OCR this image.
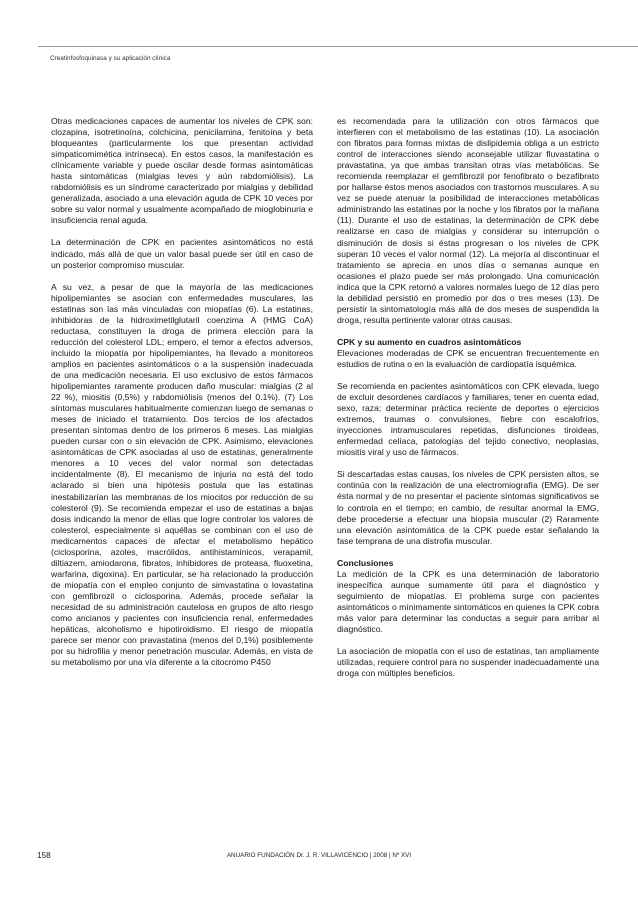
Creatinfosfoquinasa y su aplicación clínica

Otras medicaciones capaces de aumentar los niveles de CPK son: clozapina, isotretinoína, colchicina, penicilamina, fenitoína y beta bloqueantes (particularmente los que presentan actividad simpaticomimética intrínseca). En estos casos, la manifestación es clínicamente variable y puede oscilar desde formas asintomáticas hasta sintomáticas (mialgias leves y aún rabdomiólisis). La rabdomiólisis es un síndrome caracterizado por mialgias y debilidad generalizada, asociado a una elevación aguda de CPK 10 veces por sobre su valor normal y usualmente acompañado de mioglobinuria e insuficiencia renal aguda.

La determinación de CPK en pacientes asintomáticos no está indicado, más allá de que un valor basal puede ser útil en caso de un posterior compromiso muscular.

A su vez, a pesar de que la mayoría de las medicaciones hipolipemiantes se asocian con enfermedades musculares, las estatinas son las más vinculadas con miopatías (6). La estatinas, inhibidoras de la hidroximetilglutaril coenzima A (HMG CoA) reductasa, constituyen la droga de primera elección para la reducción del colesterol LDL; empero, el temor a efectos adversos, incluido la miopatía por hipolipemiantes, ha llevado a monitoreos amplios en pacientes asintomáticos o a la suspensión inadecuada de una medicación necesaria. El uso exclusivo de estos fármacos hipolipemiantes raramente producen daño muscular: mialgias (2 al 22 %), miositis (0,5%) y rabdomiólisis (menos del 0.1%). (7) Los síntomas musculares habitualmente comienzan luego de semanas o meses de iniciado el tratamiento. Dos tercios de los afectados presentan síntomas dentro de los primeros 6 meses. Las mialgias pueden cursar con o sin elevación de CPK. Asimismo, elevaciones asintomáticas de CPK asociadas al uso de estatinas, generalmente menores a 10 veces del valor normal son detectadas incidentalmente (8). El mecanismo de injuria no está del todo aclarado si bien una hipótesis postula que las estatinas inestabilizarían las membranas de los miocitos por reducción de su colesterol (9). Se recomienda empezar el uso de estatinas a bajas dosis indicando la menor de ellas que logre controlar los valores de colesterol, especialmente si aquéllas se combinan con el uso de medicamentos capaces de afectar el metabolismo hepático (ciclosporina, azoles, macrólidos, antihistamínicos, verapamil, diltiazem, amiodarona, fibratos, inhibidores de proteasa, fluoxetina, warfarina, digoxina). En particular, se ha relacionado la producción de miopatía con el empleo conjunto de simvastatina o lovastatina con gemfibrozil o ciclosporina. Además, procede señalar la necesidad de su administración cautelosa en grupos de alto riesgo como ancianos y pacientes con insuficiencia renal, enfermedades hepáticas, alcoholismo e hipotiroidismo. El riesgo de miopatía parece ser menor con pravastatina (menos del 0,1%) posiblemente por su hidrofilia y menor penetración muscular. Además, en vista de su metabolismo por una vía diferente a la citocromo P450

es recomendada para la utilización con otros fármacos que interfieren con el metabolismo de las estatinas (10). La asociación con fibratos para formas mixtas de dislipidemia obliga a un estricto control de interacciones siendo aconsejable utilizar fluvastatina o pravastatina, ya que ambas transitan otras vías metabólicas. Se recomienda reemplazar el gemfibrozil por fenofibrato o bezafibrato por hallarse éstos menos asociados con trastornos musculares. A su vez se puede atenuar la posibilidad de interacciones metabólicas administrando las estatinas por la noche y los fibratos por la mañana (11). Durante el uso de estatinas, la determinación de CPK debe realizarse en caso de mialgias y considerar su interrupción o disminución de dosis si éstas progresan o los niveles de CPK superan 10 veces el valor normal (12). La mejoría al discontinuar el tratamiento se aprecia en unos días o semanas aunque en ocasiones el plazo puede ser más prolongado. Una comunicación indica que la CPK retornó a valores normales luego de 12 días pero la debilidad persistió en promedio por dos o tres meses (13). De persistir la sintomatología más allá de dos meses de suspendida la droga, resulta pertinente valorar otras causas.

CPK y su aumento en cuadros asintomáticos

Elevaciones moderadas de CPK se encuentran frecuentemente en estudios de rutina o en la evaluación de cardiopatía isquémica.

Se recomienda en pacientes asintomáticos con CPK elevada, luego de excluir desordenes cardíacos y familiares, tener en cuenta edad, sexo, raza; determinar práctica reciente de deportes o ejercicios extremos, traumas o convulsiones, fiebre con escalofríos, inyecciones intramusculares repetidas, disfunciones tiroideas, enfermedad celíaca, patologías del tejido conectivo, neoplasias, miositis viral y uso de fármacos.

Si descartadas estas causas, los niveles de CPK persisten altos, se continúa con la realización de una electromiografía (EMG). De ser ésta normal y de no presentar el paciente síntomas significativos se lo controla en el tiempo; en cambio, de resultar anormal la EMG, debe procederse a efectuar una biopsia muscular (2) Raramente una elevación asintomática de la CPK puede estar señalando la fase temprana de una distrofia muscular.

Conclusiones

La medición de la CPK es una determinación de laboratorio inespecífica aunque sumamente útil para el diagnóstico y seguimiento de miopatías. El problema surge con pacientes asintomáticos o mínimamente sintomáticos en quienes la CPK cobra más valor para determinar las conductas a seguir para arribar al diagnóstico.

La asociación de miopatía con el uso de estatinas, tan ampliamente utilizadas, requiere control para no suspender inadecuadamente una droga con múltiples beneficios.

158	ANUARIO FUNDACIÓN Dr. J. R. VILLAVICENCIO | 2008 | Nº XVI
